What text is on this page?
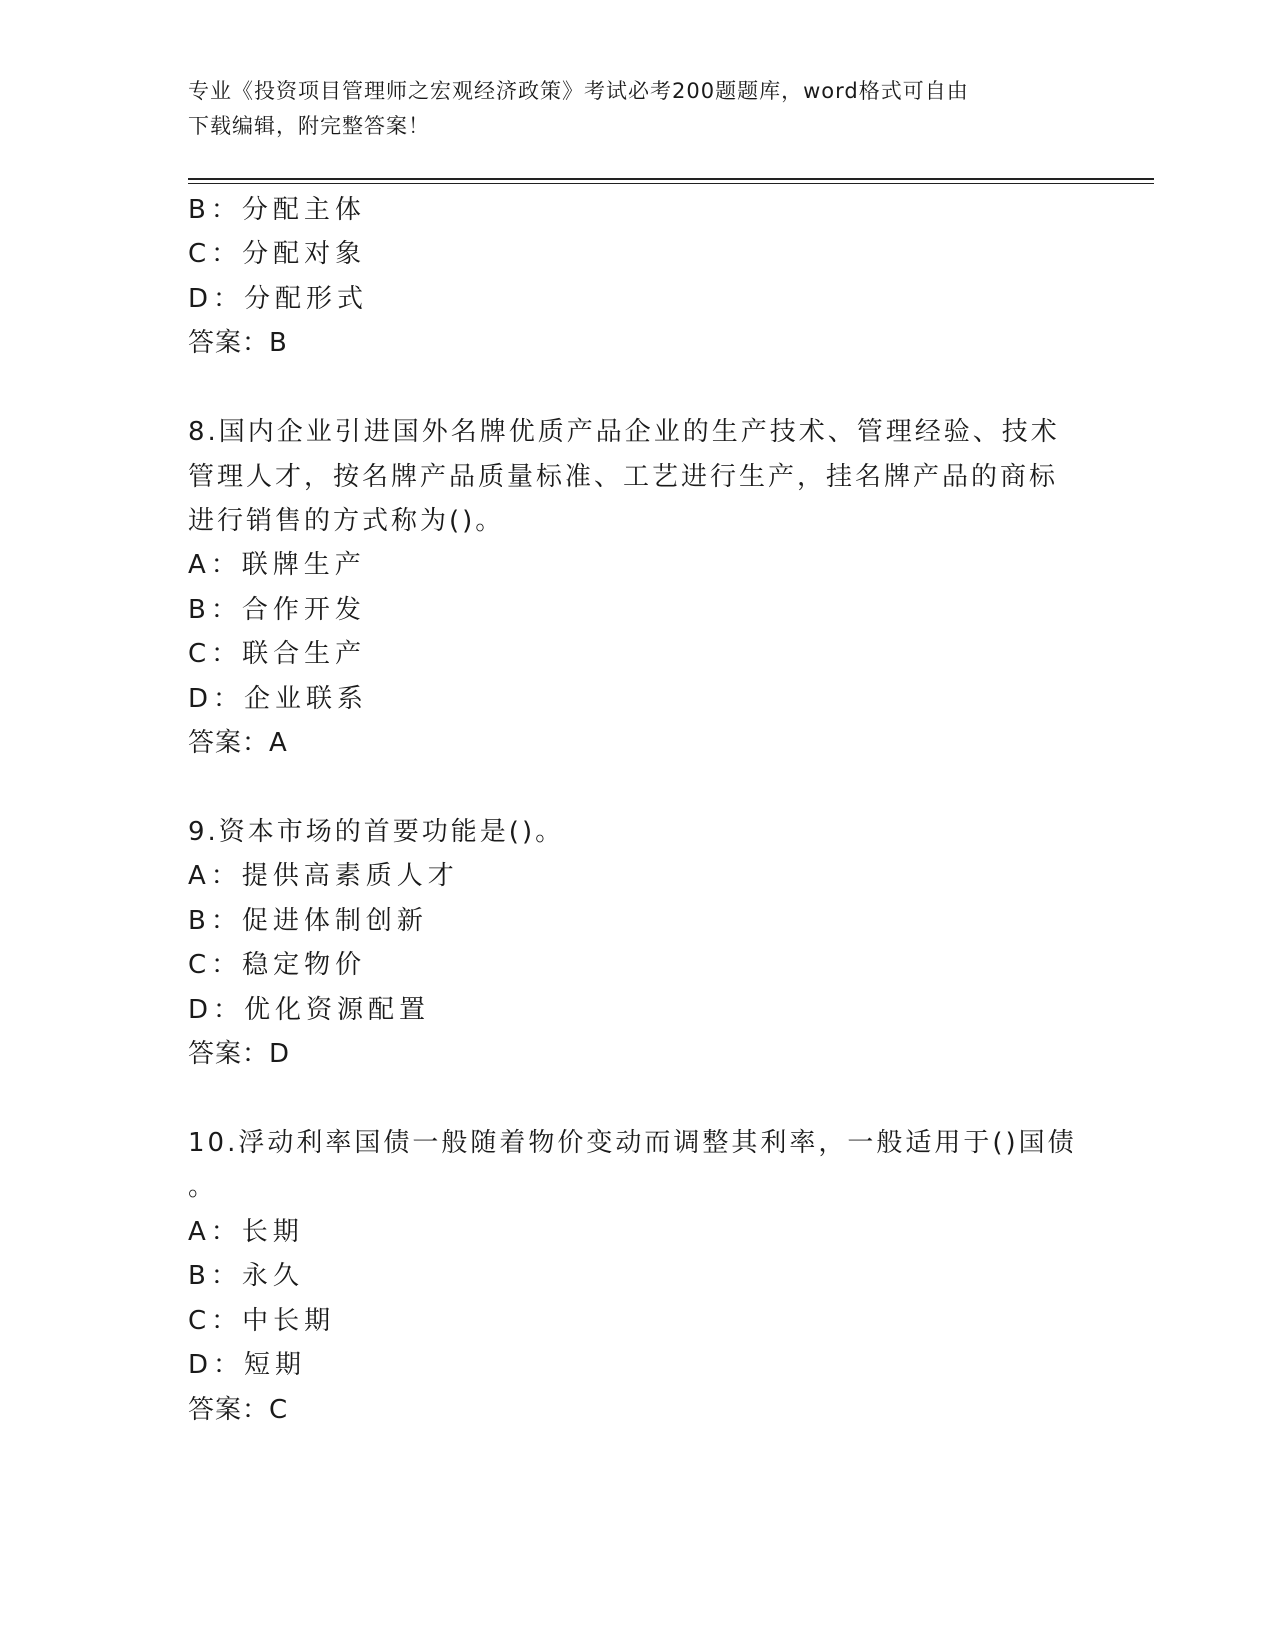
专业《投资项目管理师之宏观经济政策》考试必考200题题库，word格式可自由
下载编辑，附完整答案！
B：分配主体
C：分配对象
D：分配形式
答案：B
8.国内企业引进国外名牌优质产品企业的生产技术、管理经验、技术
管理人才，按名牌产品质量标准、工艺进行生产，挂名牌产品的商标
进行销售的方式称为()。
A：联牌生产
B：合作开发
C：联合生产
D：企业联系
答案：A
9.资本市场的首要功能是()。
A：提供高素质人才
B：促进体制创新
C：稳定物价
D：优化资源配置
答案：D
10.浮动利率国债一般随着物价变动而调整其利率，一般适用于()国债
。
A：长期
B：永久
C：中长期
D：短期
答案：C
